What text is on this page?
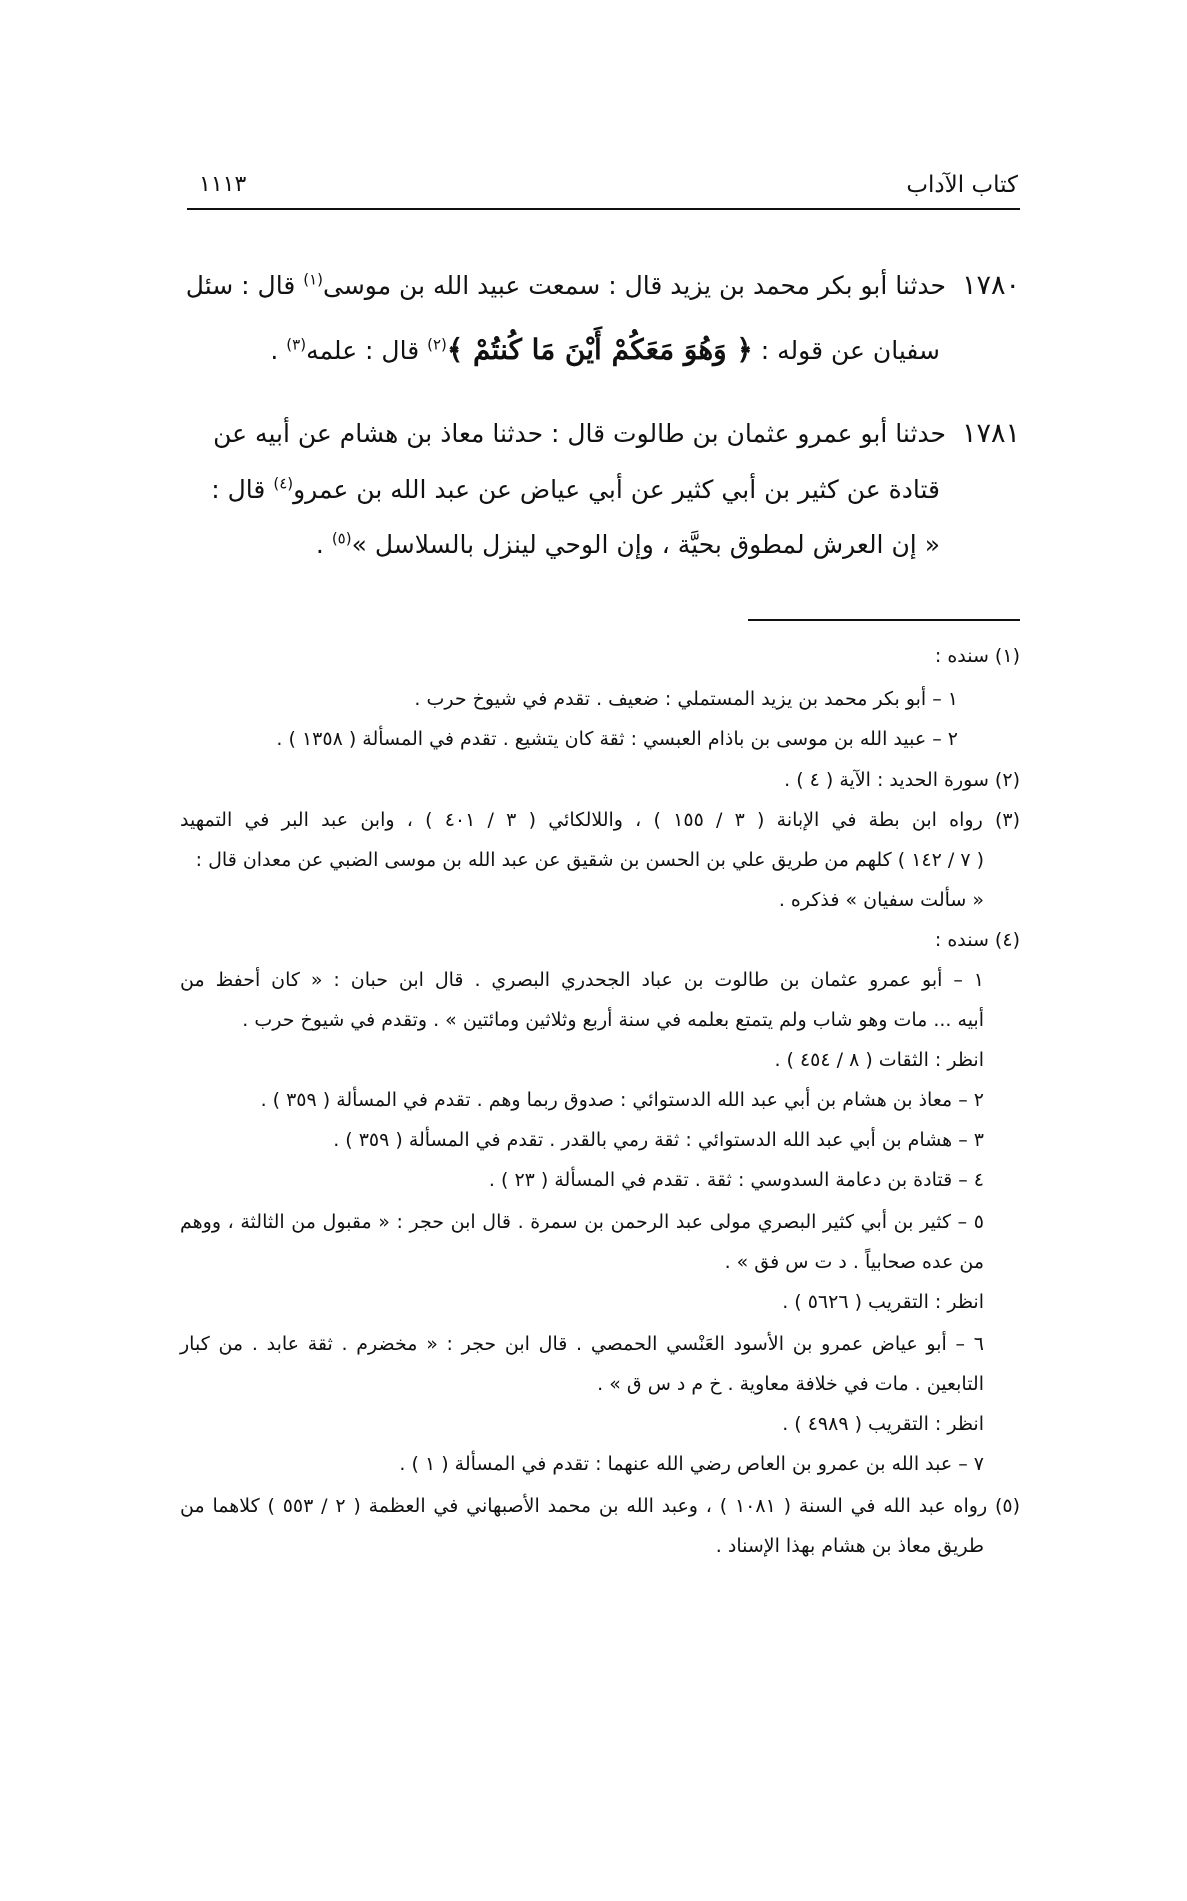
كتاب الآداب
١١١٣
١٧٨٠حدثنا أبو بكر محمد بن يزيد قال : سمعت عبيد الله بن موسى$^{(١)}$ قال : سئل
سفيان عن قوله : ﴿ وَهُوَ مَعَكُمْ أَيْنَ مَا كُنتُمْ ﴾$^{(٢)}$ قال : علمه$^{(٣)}$ .
١٧٨١حدثنا أبو عمرو عثمان بن طالوت قال : حدثنا معاذ بن هشام عن أبيه عن
قتادة عن كثير بن أبي كثير عن أبي عياض عن عبد الله بن عمرو$^{(٤)}$ قال :
« إن العرش لمطوق بحيَّة ، وإن الوحي لينزل بالسلاسل »$^{(٥)}$ .
(١) سنده :
١ – أبو بكر محمد بن يزيد المستملي : ضعيف . تقدم في شيوخ حرب .
٢ – عبيد الله بن موسى بن باذام العبسي : ثقة كان يتشيع . تقدم في المسألة ( ١٣٥٨ ) .
(٢) سورة الحديد : الآية ( ٤ ) .
(٣) رواه ابن بطة في الإبانة ( ٣ / ١٥٥ ) ، واللالكائي ( ٣ / ٤٠١ ) ، وابن عبد البر في التمهيد
( ٧ / ١٤٢ ) كلهم من طريق علي بن الحسن بن شقيق عن عبد الله بن موسى الضبي عن معدان قال :
« سألت سفيان » فذكره .
(٤) سنده :
١ – أبو عمرو عثمان بن طالوت بن عباد الجحدري البصري . قال ابن حبان : « كان أحفظ من
أبيه ... مات وهو شاب ولم يتمتع بعلمه في سنة أربع وثلاثين ومائتين » . وتقدم في شيوخ حرب .
انظر : الثقات ( ٨ / ٤٥٤ ) .
٢ – معاذ بن هشام بن أبي عبد الله الدستوائي : صدوق ربما وهم . تقدم في المسألة ( ٣٥٩ ) .
٣ – هشام بن أبي عبد الله الدستوائي : ثقة رمي بالقدر . تقدم في المسألة ( ٣٥٩ ) .
٤ – قتادة بن دعامة السدوسي : ثقة . تقدم في المسألة ( ٢٣ ) .
٥ – كثير بن أبي كثير البصري مولى عبد الرحمن بن سمرة . قال ابن حجر : « مقبول من الثالثة ، ووهم
من عده صحابياً . د ت س فق » .
انظر : التقريب ( ٥٦٢٦ ) .
٦ – أبو عياض عمرو بن الأسود العَنْسي الحمصي . قال ابن حجر : « مخضرم . ثقة عابد . من كبار
التابعين . مات في خلافة معاوية . خ م د س ق » .
انظر : التقريب ( ٤٩٨٩ ) .
٧ – عبد الله بن عمرو بن العاص رضي الله عنهما : تقدم في المسألة ( ١ ) .
(٥) رواه عبد الله في السنة ( ١٠٨١ ) ، وعبد الله بن محمد الأصبهاني في العظمة ( ٢ / ٥٥٣ ) كلاهما من
طريق معاذ بن هشام بهذا الإسناد .
